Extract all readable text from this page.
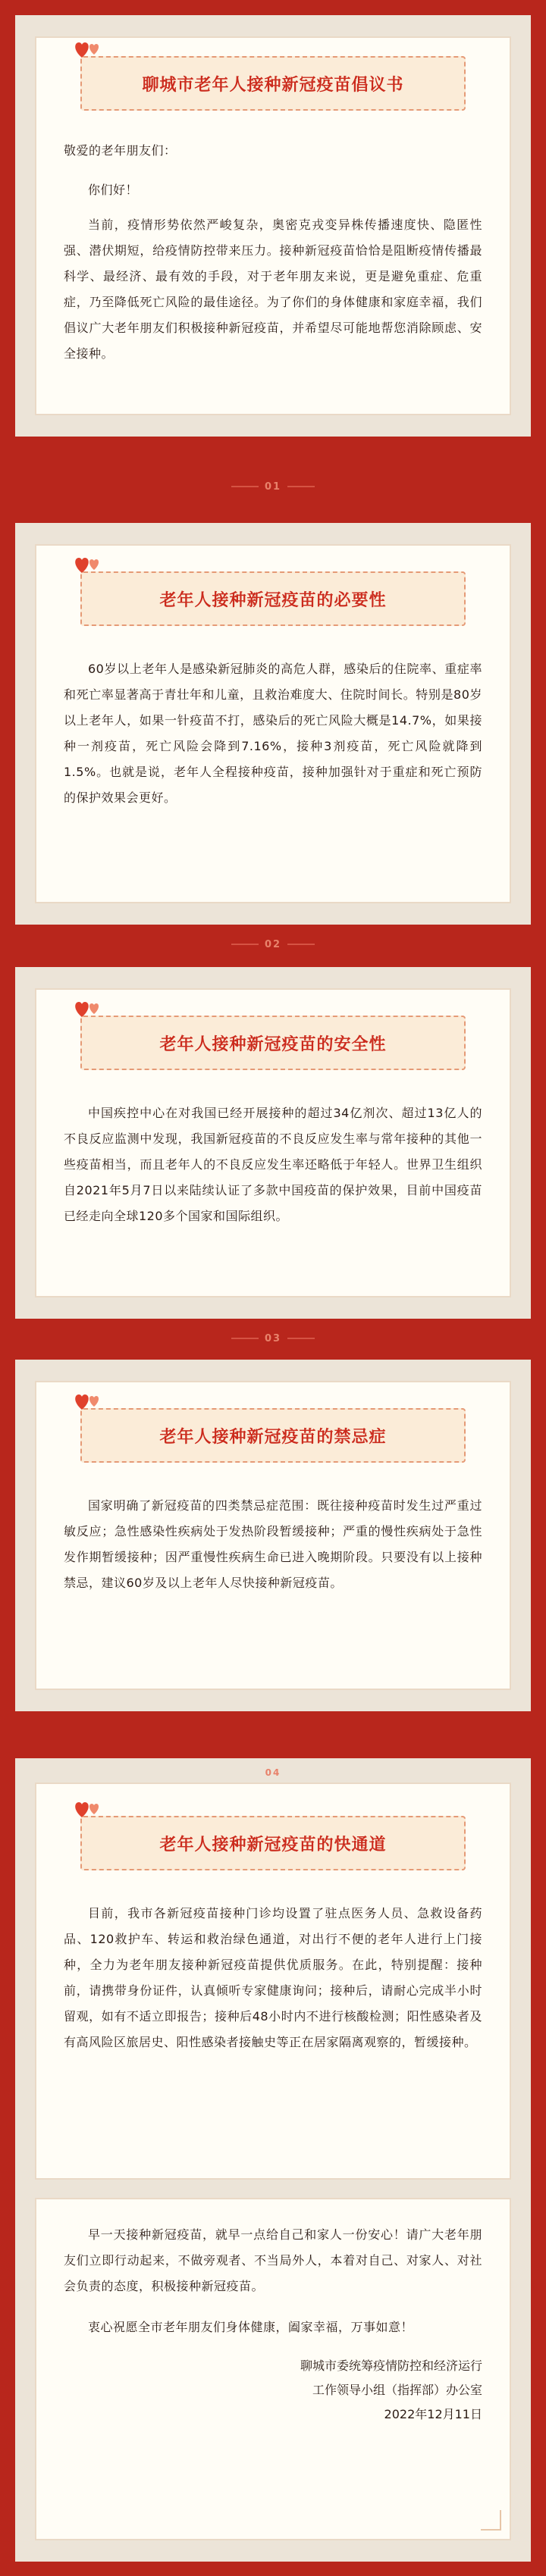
聊城市老年人接种新冠疫苗倡议书

敬爱的老年朋友们：

你们好！

当前，疫情形势依然严峻复杂，奥密克戎变异株传播速度快、隐匿性强、潜伏期短，给疫情防控带来压力。接种新冠疫苗恰恰是阻断疫情传播最科学、最经济、最有效的手段，对于老年朋友来说，更是避免重症、危重症，乃至降低死亡风险的最佳途径。为了你们的身体健康和家庭幸福，我们倡议广大老年朋友们积极接种新冠疫苗，并希望尽可能地帮您消除顾虑、安全接种。

01
老年人接种新冠疫苗的必要性

60岁以上老年人是感染新冠肺炎的高危人群，感染后的住院率、重症率和死亡率显著高于青壮年和儿童，且救治难度大、住院时间长。特别是80岁以上老年人，如果一针疫苗不打，感染后的死亡风险大概是14.7%，如果接种一剂疫苗，死亡风险会降到7.16%，接种3剂疫苗，死亡风险就降到1.5%。也就是说，老年人全程接种疫苗，接种加强针对于重症和死亡预防的保护效果会更好。

02
老年人接种新冠疫苗的安全性

中国疾控中心在对我国已经开展接种的超过34亿剂次、超过13亿人的不良反应监测中发现，我国新冠疫苗的不良反应发生率与常年接种的其他一些疫苗相当，而且老年人的不良反应发生率还略低于年轻人。世界卫生组织自2021年5月7日以来陆续认证了多款中国疫苗的保护效果，目前中国疫苗已经走向全球120多个国家和国际组织。

03
老年人接种新冠疫苗的禁忌症

国家明确了新冠疫苗的四类禁忌症范围：既往接种疫苗时发生过严重过敏反应；急性感染性疾病处于发热阶段暂缓接种；严重的慢性疾病处于急性发作期暂缓接种；因严重慢性疾病生命已进入晚期阶段。只要没有以上接种禁忌，建议60岁及以上老年人尽快接种新冠疫苗。

04
老年人接种新冠疫苗的快通道

目前，我市各新冠疫苗接种门诊均设置了驻点医务人员、急救设备药品、120救护车、转运和救治绿色通道，对出行不便的老年人进行上门接种，全力为老年朋友接种新冠疫苗提供优质服务。在此，特别提醒：接种前，请携带身份证件，认真倾听专家健康询问；接种后，请耐心完成半小时留观，如有不适立即报告；接种后48小时内不进行核酸检测；阳性感染者及有高风险区旅居史、阳性感染者接触史等正在居家隔离观察的，暂缓接种。

早一天接种新冠疫苗，就早一点给自己和家人一份安心！请广大老年朋友们立即行动起来，不做旁观者、不当局外人，本着对自己、对家人、对社会负责的态度，积极接种新冠疫苗。

衷心祝愿全市老年朋友们身体健康，阖家幸福，万事如意！

聊城市委统筹疫情防控和经济运行
工作领导小组（指挥部）办公室
2022年12月11日
